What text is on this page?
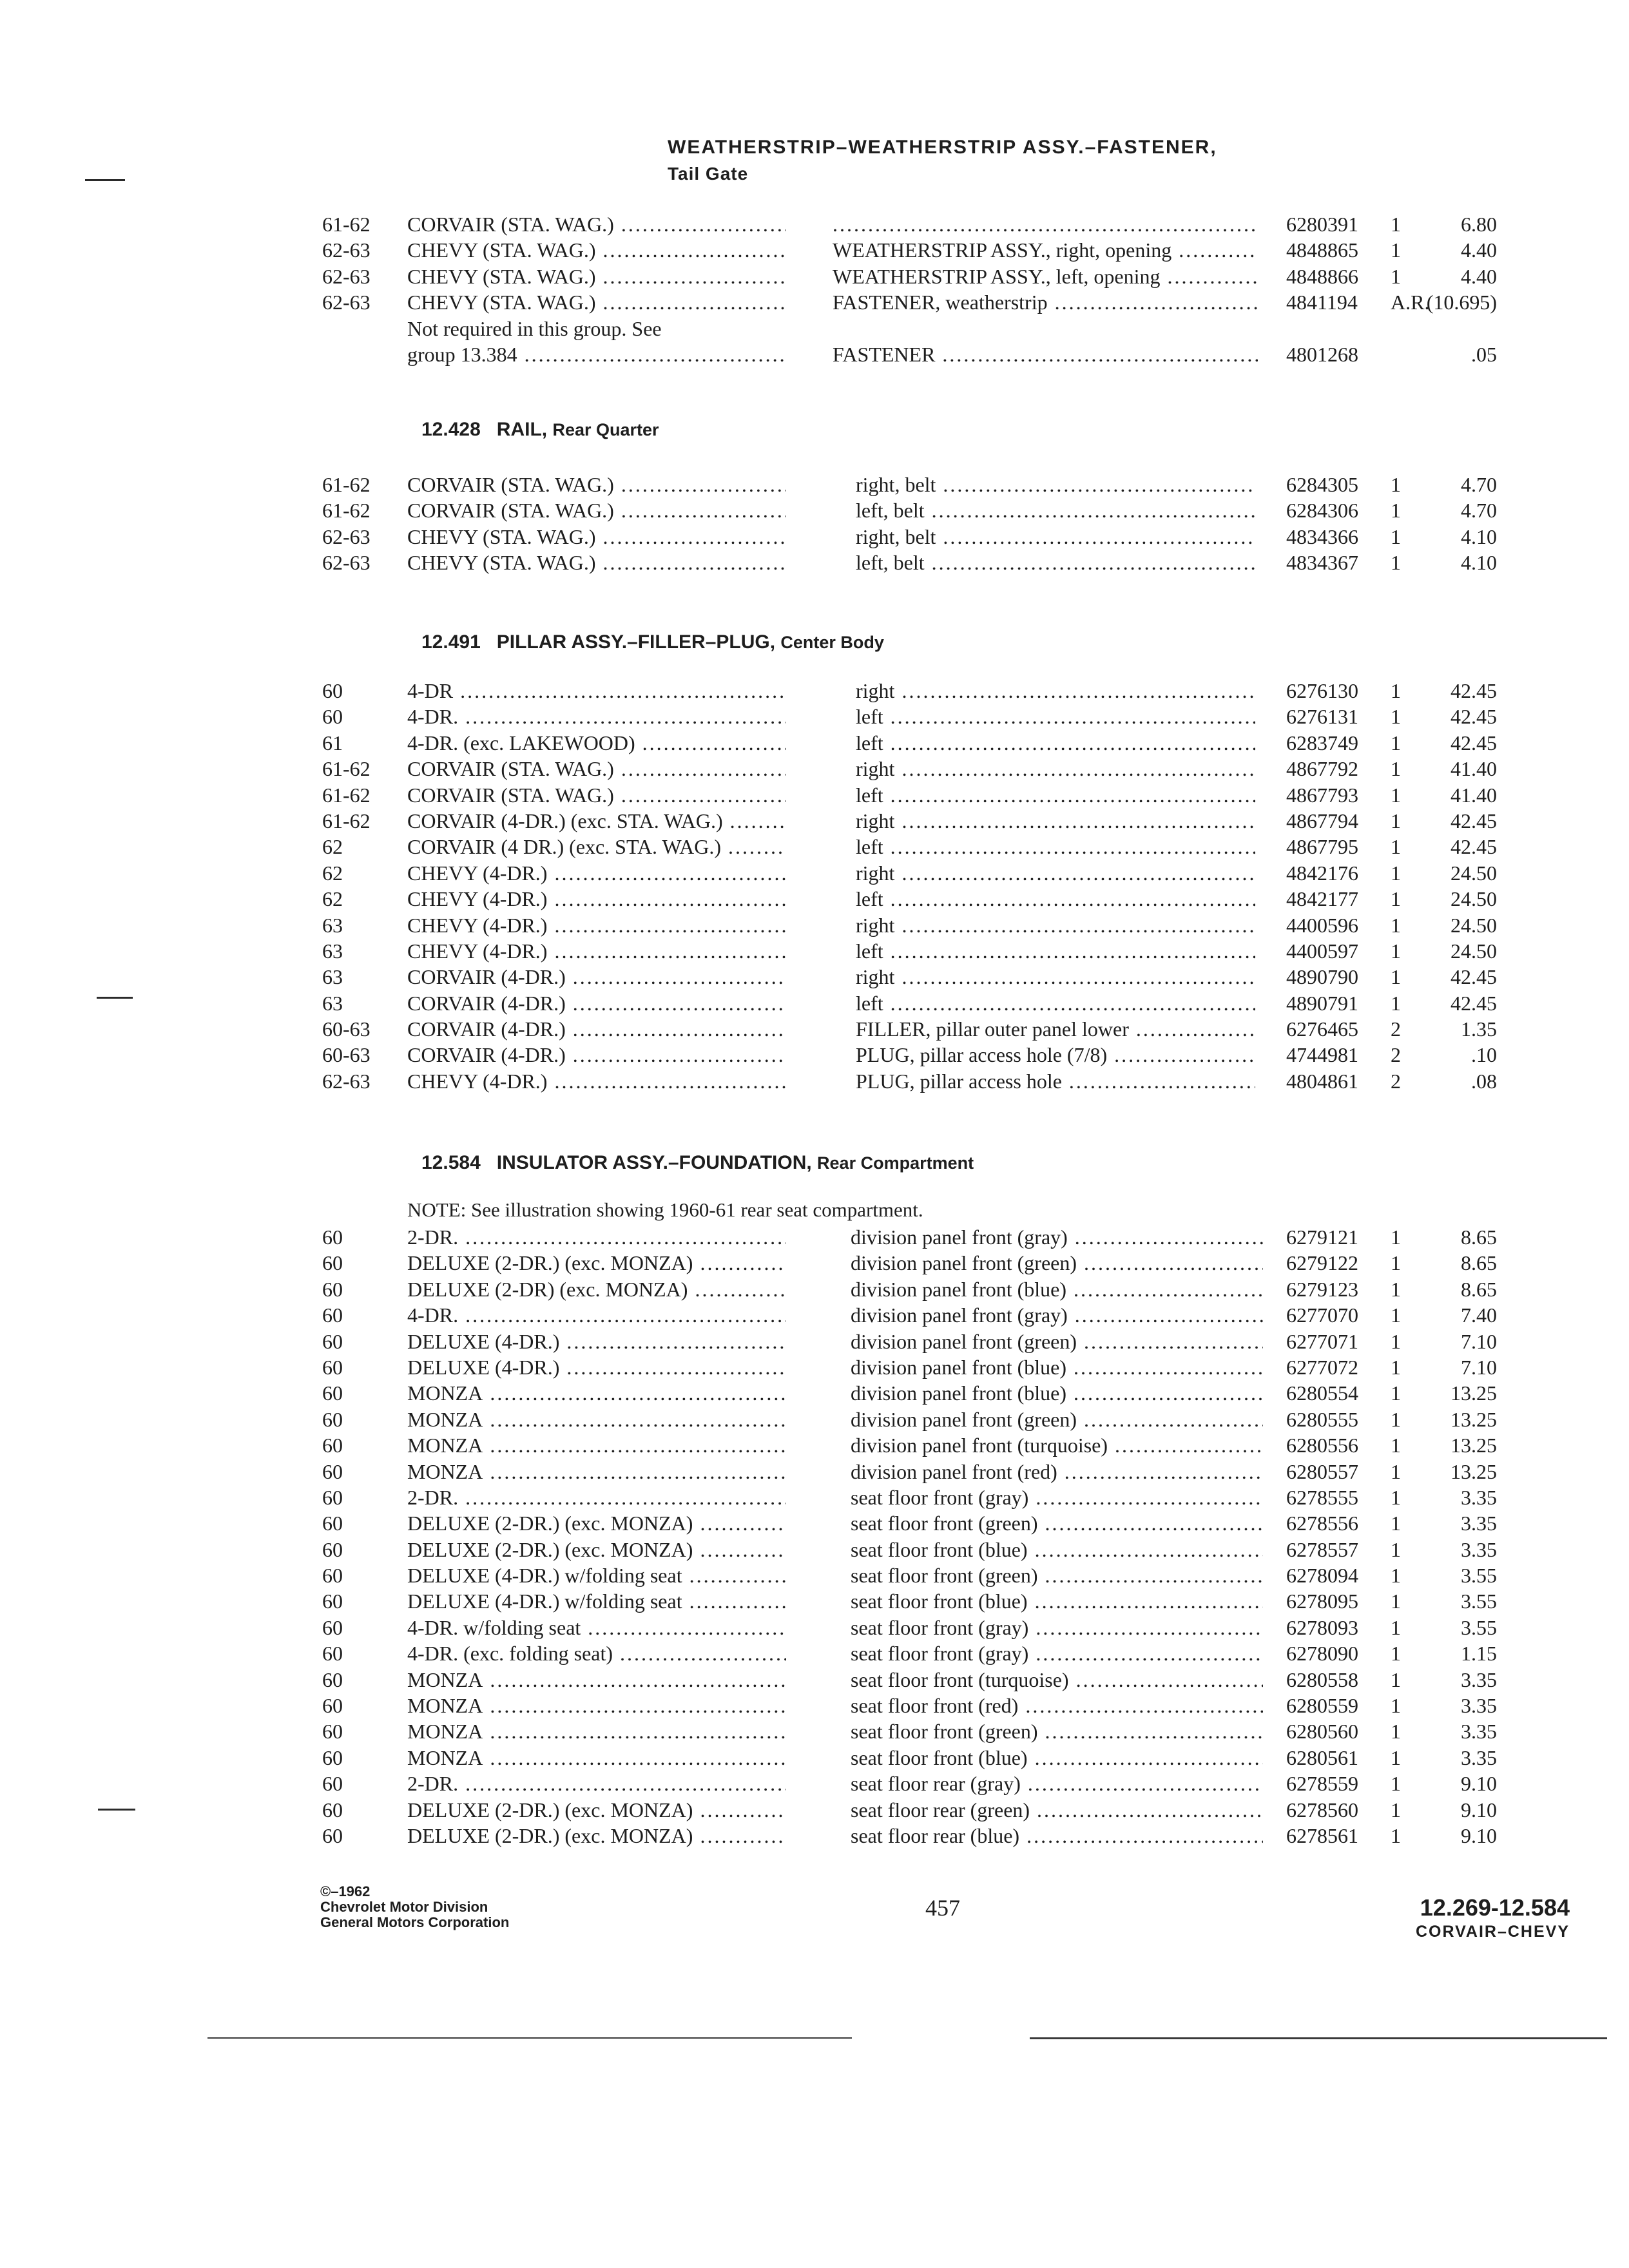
WEATHERSTRIP–WEATHERSTRIP ASSY.–FASTENER,
Tail Gate
61-62 CORVAIR (STA. WAG.) .....
.....	6280391 1	6.80
62-63 CHEVY (STA. WAG.) .....	WEATHERSTRIP ASSY., right, opening .....	4848865 1	4.40
62-63 CHEVY (STA. WAG.) .....	WEATHERSTRIP ASSY., left, opening .....	4848866 1	4.40
62-63 CHEVY (STA. WAG.) .....	FASTENER, weatherstrip .....	4841194 A.R.
(10.695)
Not required in this group. See
group 13.384 .....	FASTENER .....	4801268	.05
12.428 RAIL, Rear Quarter
61-62 CORVAIR (STA. WAG.) .....	right, belt .....	6284305 1	4.70
61-62 CORVAIR (STA. WAG.) .....	left, belt .....	6284306 1	4.70
62-63 CHEVY (STA. WAG.) .....	right, belt .....	4834366 1	4.10
62-63 CHEVY (STA. WAG.) .....	left, belt .....	4834367 1	4.10
12.491 PILLAR ASSY.–FILLER–PLUG, Center Body
60	4-DR .....	right .....	6276130 1 42.45
60	4-DR. .....	left .....	6276131 1 42.45
61	4-DR. (exc. LAKEWOOD) .....	left .....	6283749 1 42.45
61-62 CORVAIR (STA. WAG.) .....	right .....	4867792 1 41.40
61-62 CORVAIR (STA. WAG.) .....	left .....	4867793 1 41.40
61-62 CORVAIR (4-DR.) (exc. STA. WAG.) .....	right .....	4867794 1 42.45
62	CORVAIR (4 DR.) (exc. STA. WAG.) .....	left .....	4867795 1 42.45
62	CHEVY (4-DR.) .....	right .....	4842176 1 24.50
62	CHEVY (4-DR.) .....	left .....	4842177 1 24.50
63	CHEVY (4-DR.) .....	right .....	4400596 1 24.50
63	CHEVY (4-DR.) .....	left .....	4400597 1 24.50
63	CORVAIR (4-DR.) .....	right .....	4890790 1 42.45
63	CORVAIR (4-DR.) .....	left .....	4890791 1 42.45
60-63 CORVAIR (4-DR.) .....	FILLER, pillar outer panel lower .....	6276465 2	1.35
60-63 CORVAIR (4-DR.) .....	PLUG, pillar access hole (7/8) .....	4744981 2	.10
62-63 CHEVY (4-DR.) .....	PLUG, pillar access hole .....	4804861 2	.08
12.584 INSULATOR ASSY.–FOUNDATION, Rear Compartment
NOTE: See illustration showing 1960-61 rear seat compartment.
60	2-DR. .....	division panel front (gray) .....	6279121 1	8.65
60	DELUXE (2-DR.) (exc. MONZA) .....	division panel front (green) .....	6279122 1	8.65
60	DELUXE (2-DR) (exc. MONZA) .....	division panel front (blue) .....	6279123 1	8.65
60	4-DR. .....	division panel front (gray) .....	6277070 1	7.40
60	DELUXE (4-DR.) .....	division panel front (green) .....	6277071 1	7.10
60	DELUXE (4-DR.) .....	division panel front (blue) .....	6277072 1	7.10
60	MONZA .....	division panel front (blue) .....	6280554 1 13.25
60	MONZA .....	division panel front (green) .....	6280555 1 13.25
60	MONZA .....	division panel front (turquoise) .....	6280556 1 13.25
60	MONZA .....	division panel front (red) .....	6280557 1 13.25
60	2-DR. .....	seat floor front (gray) .....	6278555 1	3.35
60	DELUXE (2-DR.) (exc. MONZA) .....	seat floor front (green) .....	6278556 1	3.35
60	DELUXE (2-DR.) (exc. MONZA) .....	seat floor front (blue) .....	6278557 1	3.35
60	DELUXE (4-DR.) w/folding seat .....	seat floor front (green) .....	6278094 1	3.55
60	DELUXE (4-DR.) w/folding seat .....	seat floor front (blue) .....	6278095 1	3.55
60	4-DR. w/folding seat .....	seat floor front (gray) .....	6278093 1	3.55
60	4-DR. (exc. folding seat) .....	seat floor front (gray) .....	6278090 1	1.15
60	MONZA .....	seat floor front (turquoise) .....	6280558 1	3.35
60	MONZA .....	seat floor front (red) .....	6280559 1	3.35
60	MONZA .....	seat floor front (green) .....	6280560 1	3.35
60	MONZA .....	seat floor front (blue) .....	6280561 1	3.35
60	2-DR. .....	seat floor rear (gray) .....	6278559 1	9.10
60	DELUXE (2-DR.) (exc. MONZA) .....	seat floor rear (green) .....	6278560 1	9.10
60	DELUXE (2-DR.) (exc. MONZA) .....	seat floor rear (blue) .....	6278561 1	9.10
©–1962
Chevrolet Motor Division
General Motors Corporation
457	12.269-12.584
CORVAIR–CHEVY
